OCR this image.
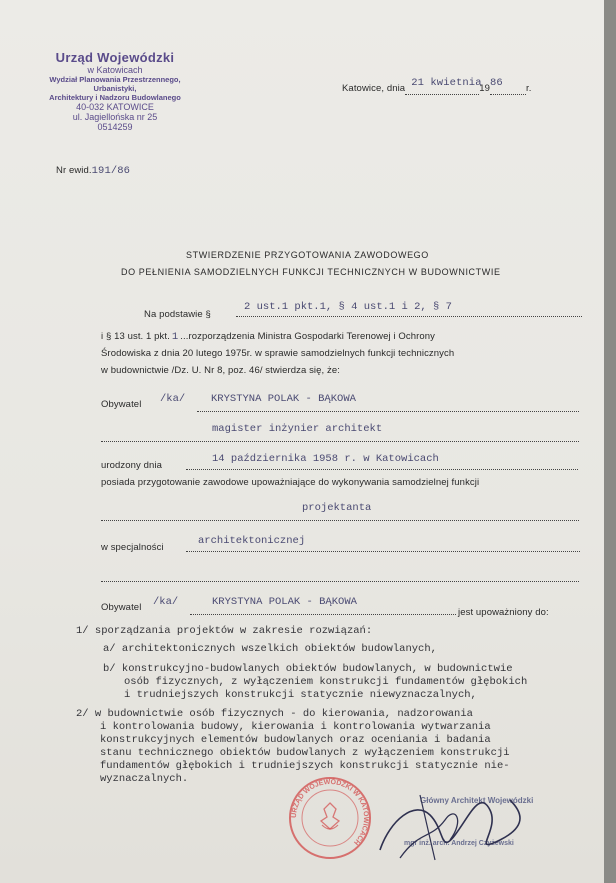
Urząd Wojewódzki
w Katowicach
Wydział Planowania Przestrzennego, Urbanistyki,
Architektury i Nadzoru Budowlanego
40-032 KATOWICE
ul. Jagiellońska nr 25
0514259
Katowice, dnia 21 kwietnia
19 86 r.
Nr ewid.191/86
STWIERDZENIE PRZYGOTOWANIA ZAWODOWEGO
DO PEŁNIENIA SAMODZIELNYCH FUNKCJI TECHNICZNYCH W BUDOWNICTWIE
Na podstawie §
2 ust.1 pkt.1, § 4 ust.1 i 2, § 7
i § 13 ust. 1 pkt. 1 ...rozporządzenia Ministra Gospodarki Terenowej i Ochrony
Środowiska z dnia 20 lutego 1975r. w sprawie samodzielnych funkcji technicznych
w budownictwie /Dz. U. Nr 8, poz. 46/ stwierdza się, że:
Obywatel /ka/ KRYSTYNA POLAK - BĄKOWA
magister inżynier architekt
urodzony dnia
14 października 1958 r. w Katowicach
posiada przygotowanie zawodowe upoważniające do wykonywania samodzielnej funkcji
projektanta
w specjalności
architektonicznej
Obywatel /ka/	KRYSTYNA POLAK - BĄKOWA
jest upoważniony do:
1/ sporządzania projektów w zakresie rozwiązań:
a/ architektonicznych wszelkich obiektów budowlanych,
b/ konstrukcyjno-budowlanych obiektów budowlanych, w budownictwie
osób fizycznych, z wyłączeniem konstrukcji fundamentów głębokich
i trudniejszych konstrukcji statycznie niewyznaczalnych,
2/ w budownictwie osób fizycznych - do kierowania, nadzorowania
i kontrolowania budowy, kierowania i kontrolowania wytwarzania
konstrukcyjnych elementów budowlanych oraz oceniania i badania
stanu technicznego obiektów budowlanych z wyłączeniem konstrukcji
fundamentów głębokich i trudniejszych konstrukcji statycznie nie-
wyznaczalnych.
URZĄD WOJEWÓDZKI W KATOWICACH
Główny Architekt Wojewódzki
mgr inż. arch. Andrzej Czyżewski
